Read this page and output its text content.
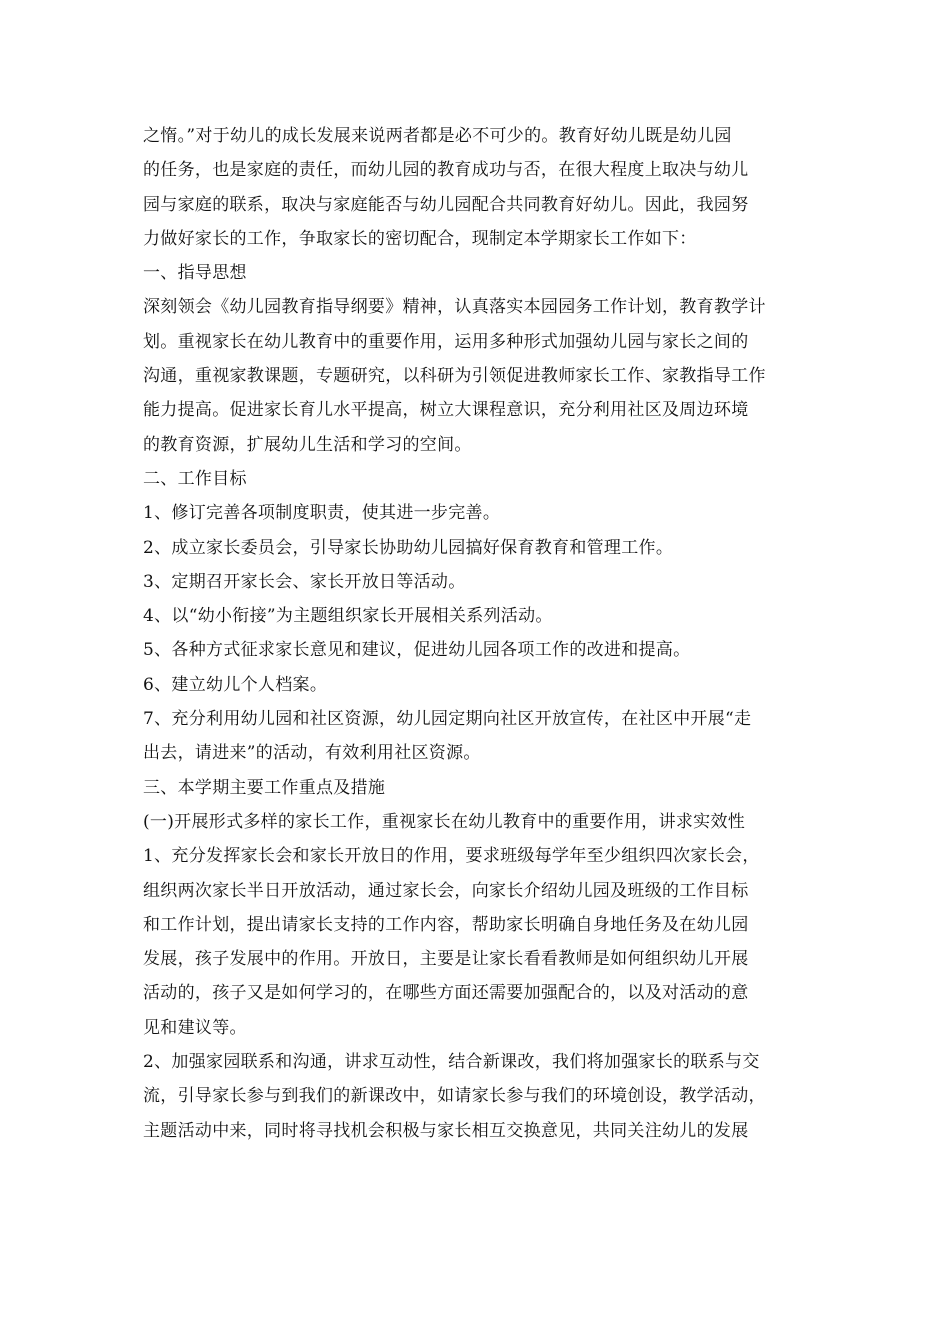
之惰。”对于幼儿的成长发展来说两者都是必不可少的。教育好幼儿既是幼儿园
的任务，也是家庭的责任，而幼儿园的教育成功与否，在很大程度上取决与幼儿
园与家庭的联系，取决与家庭能否与幼儿园配合共同教育好幼儿。因此，我园努
力做好家长的工作，争取家长的密切配合，现制定本学期家长工作如下：
一、指导思想
深刻领会《幼儿园教育指导纲要》精神，认真落实本园园务工作计划，教育教学计
划。重视家长在幼儿教育中的重要作用，运用多种形式加强幼儿园与家长之间的
沟通，重视家教课题，专题研究，以科研为引领促进教师家长工作、家教指导工作
能力提高。促进家长育儿水平提高，树立大课程意识，充分利用社区及周边环境
的教育资源，扩展幼儿生活和学习的空间。
二、工作目标
1、修订完善各项制度职责，使其进一步完善。
2、成立家长委员会，引导家长协助幼儿园搞好保育教育和管理工作。
3、定期召开家长会、家长开放日等活动。
4、以“幼小衔接”为主题组织家长开展相关系列活动。
5、各种方式征求家长意见和建议，促进幼儿园各项工作的改进和提高。
6、建立幼儿个人档案。
7、充分利用幼儿园和社区资源，幼儿园定期向社区开放宣传，在社区中开展“走
出去，请进来”的活动，有效利用社区资源。
三、本学期主要工作重点及措施
(一)开展形式多样的家长工作，重视家长在幼儿教育中的重要作用，讲求实效性
1、充分发挥家长会和家长开放日的作用，要求班级每学年至少组织四次家长会，
组织两次家长半日开放活动，通过家长会，向家长介绍幼儿园及班级的工作目标
和工作计划，提出请家长支持的工作内容，帮助家长明确自身地任务及在幼儿园
发展，孩子发展中的作用。开放日，主要是让家长看看教师是如何组织幼儿开展
活动的，孩子又是如何学习的，在哪些方面还需要加强配合的，以及对活动的意
见和建议等。
2、加强家园联系和沟通，讲求互动性，结合新课改，我们将加强家长的联系与交
流，引导家长参与到我们的新课改中，如请家长参与我们的环境创设，教学活动，
主题活动中来，同时将寻找机会积极与家长相互交换意见，共同关注幼儿的发展
